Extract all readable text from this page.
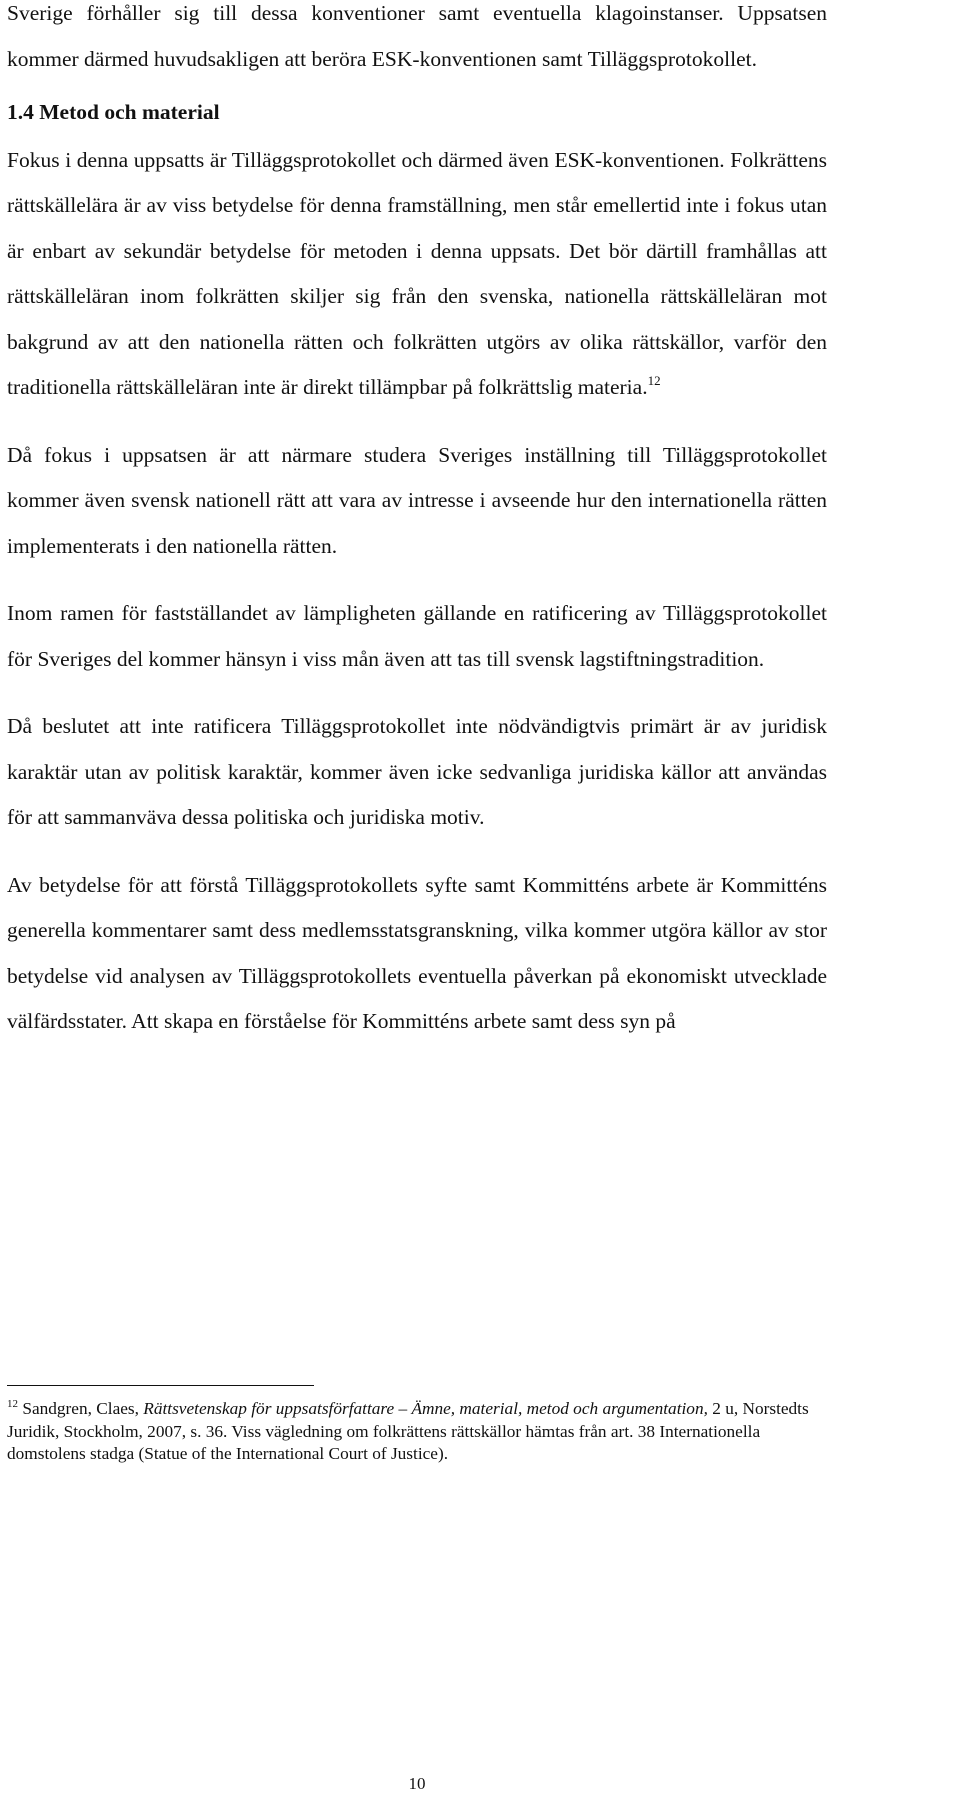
Sverige förhåller sig till dessa konventioner samt eventuella klagoinstanser. Uppsatsen kommer därmed huvudsakligen att beröra ESK-konventionen samt Tilläggsprotokollet.

1.4 Metod och material

Fokus i denna uppsatts är Tilläggsprotokollet och därmed även ESK-konventionen. Folkrättens rättskällelära är av viss betydelse för denna framställning, men står emellertid inte i fokus utan är enbart av sekundär betydelse för metoden i denna uppsats. Det bör därtill framhållas att rättskälleläran inom folkrätten skiljer sig från den svenska, nationella rättskälleläran mot bakgrund av att den nationella rätten och folkrätten utgörs av olika rättskällor, varför den traditionella rättskälleläran inte är direkt tillämpbar på folkrättslig materia.$^{12}$

Då fokus i uppsatsen är att närmare studera Sveriges inställning till Tilläggsprotokollet kommer även svensk nationell rätt att vara av intresse i avseende hur den internationella rätten implementerats i den nationella rätten.

Inom ramen för fastställandet av lämpligheten gällande en ratificering av Tilläggsprotokollet för Sveriges del kommer hänsyn i viss mån även att tas till svensk lagstiftningstradition.

Då beslutet att inte ratificera Tilläggsprotokollet inte nödvändigtvis primärt är av juridisk karaktär utan av politisk karaktär, kommer även icke sedvanliga juridiska källor att användas för att sammanväva dessa politiska och juridiska motiv.

Av betydelse för att förstå Tilläggsprotokollets syfte samt Kommitténs arbete är Kommitténs generella kommentarer samt dess medlemsstatsgranskning, vilka kommer utgöra källor av stor betydelse vid analysen av Tilläggsprotokollets eventuella påverkan på ekonomiskt utvecklade välfärdsstater. Att skapa en förståelse för Kommitténs arbete samt dess syn på

$^{12}$ Sandgren, Claes, Rättsvetenskap för uppsatsförfattare – Ämne, material, metod och argumentation, 2 u, Norstedts Juridik, Stockholm, 2007, s. 36. Viss vägledning om folkrättens rättskällor hämtas från art. 38 Internationella domstolens stadga (Statue of the International Court of Justice).
10
